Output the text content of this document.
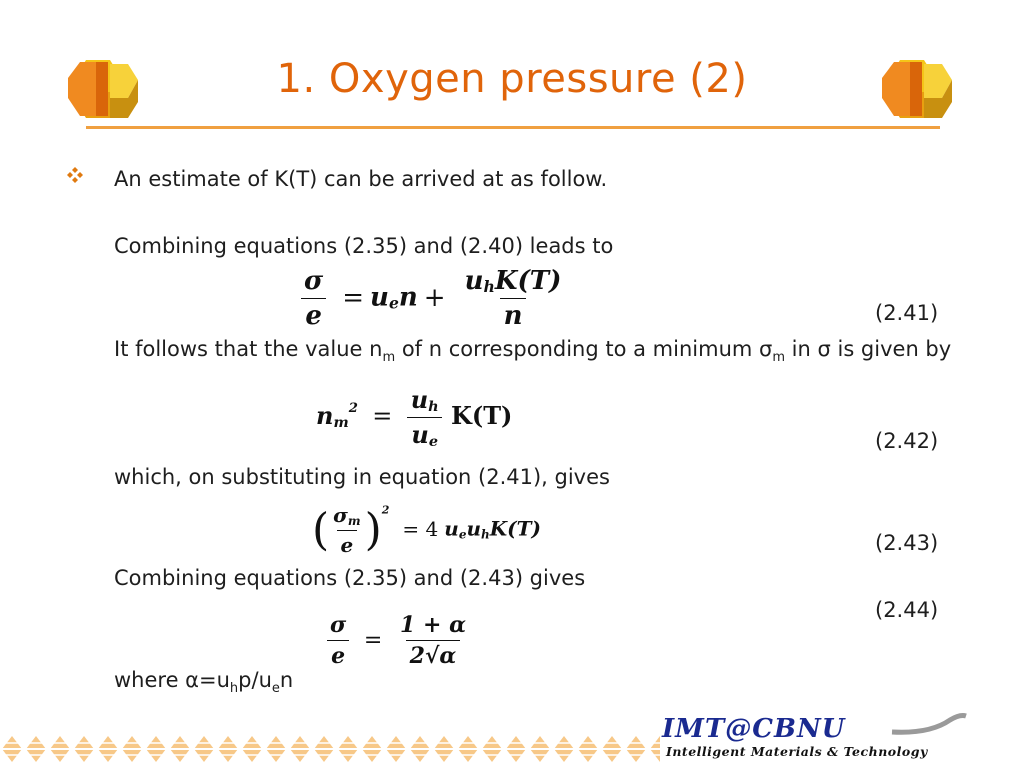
1. Oxygen pressure (2)
An estimate of K(T) can be arrived at as follow.
Combining equations (2.35) and (2.40) leads to
$\frac{\sigma}{e}$ = uen + $\frac{\text{uhK(T)}}{n}$	(2.41)
It follows that the value $n_m$ of n corresponding to a minimum $\sigma_m$ in σ is given by
$n_m^2 = \frac{u_h}{u_e} K(T)$
(2.42)
which, on substituting in equation (2.41), gives
( $\frac{\sigma_m}{e} )^2 = 4$ $u_eu_hK(T)$
(2.43)
Combining equations (2.35) and (2.43) gives
(2.44)
$\frac{\sigma}{e} = \frac{1 + \alpha}{2√\alpha}$
where $\alpha=u_hp/u_en$
IMT@CBNU
Intelligent Materials & Technology
